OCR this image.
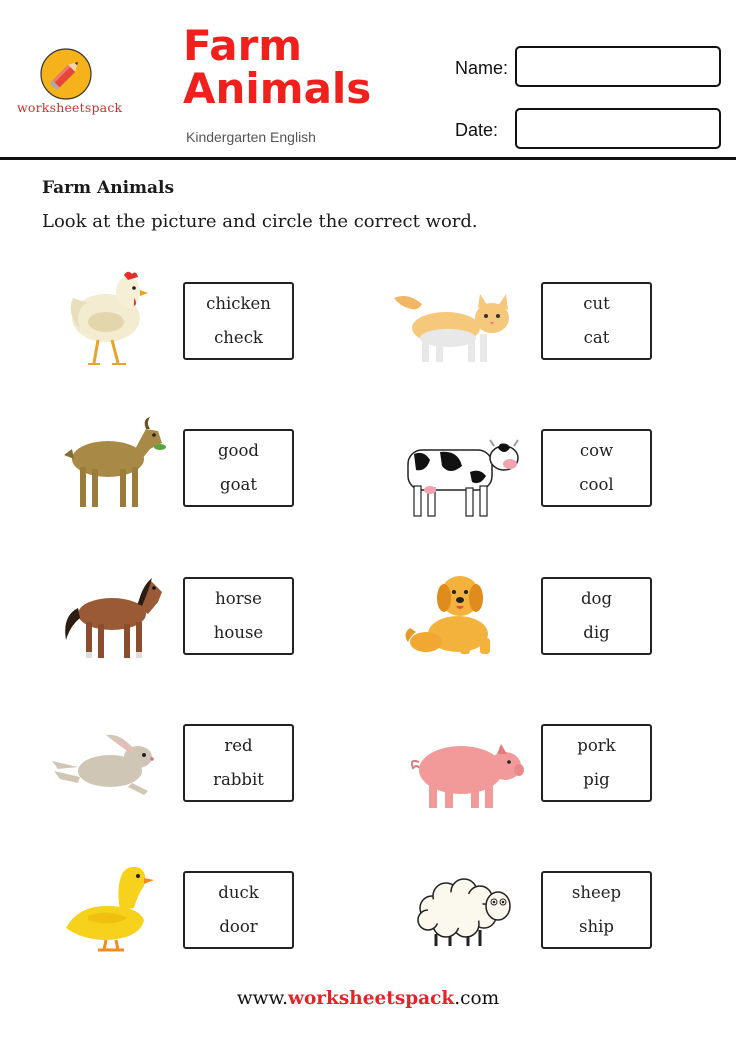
worksheetspack
Farm
Animals
Kindergarten English
Name:
Date:
Farm Animals
Look at the picture and circle the correct word.
chicken
check
cut
cat
good
goat
cow
cool
horse
house
dog
dig
red
rabbit
pork
pig
duck
door
sheep
ship
www.worksheetspack.com
